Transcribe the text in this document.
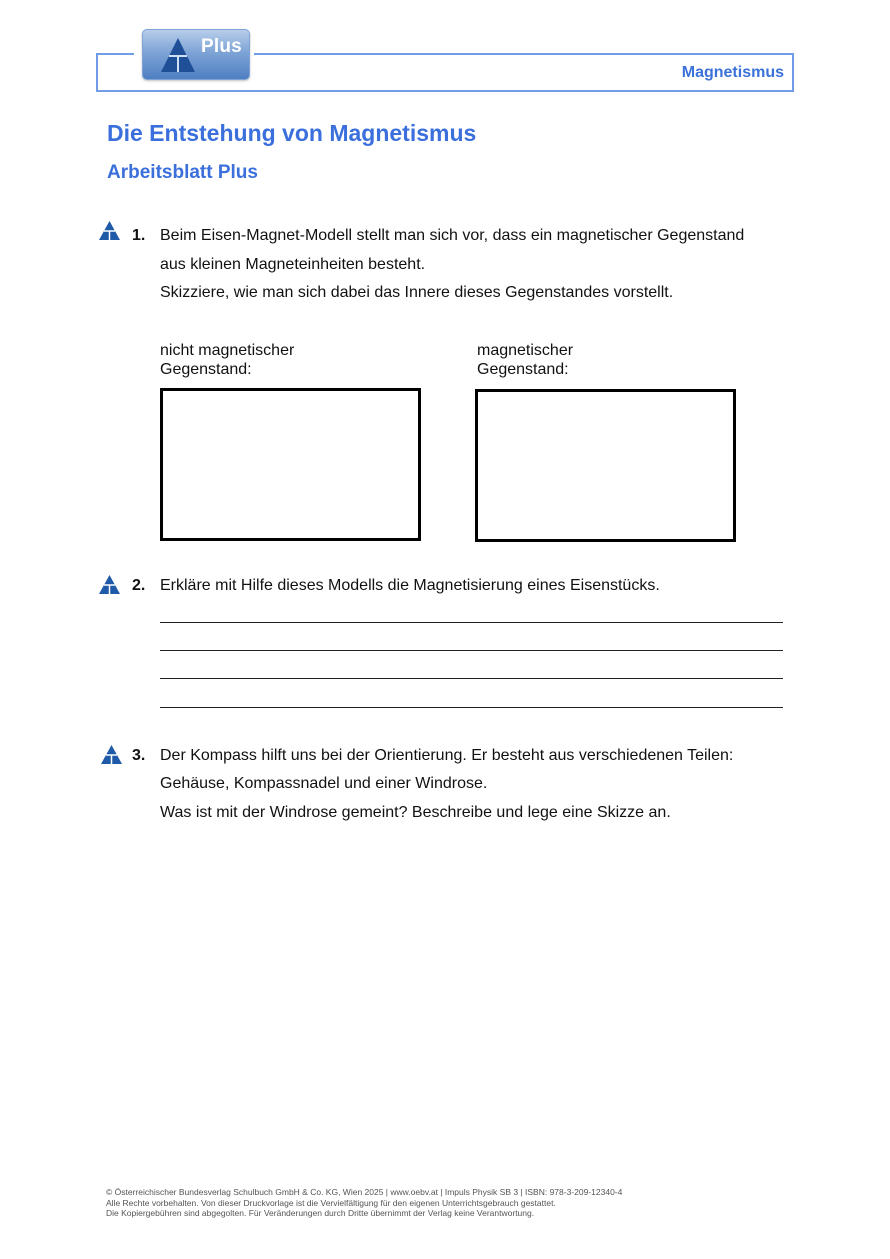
Plus
Magnetismus
Die Entstehung von Magnetismus
Arbeitsblatt Plus
1. Beim Eisen-Magnet-Modell stellt man sich vor, dass ein magnetischer Gegenstand
aus kleinen Magneteinheiten besteht.
Skizziere, wie man sich dabei das Innere dieses Gegenstandes vorstellt.
nicht magnetischer
Gegenstand:
magnetischer
Gegenstand:
2. Erkläre mit Hilfe dieses Modells die Magnetisierung eines Eisenstücks.
3. Der Kompass hilft uns bei der Orientierung. Er besteht aus verschiedenen Teilen:
Gehäuse, Kompassnadel und einer Windrose.
Was ist mit der Windrose gemeint? Beschreibe und lege eine Skizze an.
© Österreichischer Bundesverlag Schulbuch GmbH & Co. KG, Wien 2025 | www.oebv.at | Impuls Physik SB 3 | ISBN: 978-3-209-12340-4
Alle Rechte vorbehalten. Von dieser Druckvorlage ist die Vervielfältigung für den eigenen Unterrichtsgebrauch gestattet.
Die Kopiergebühren sind abgegolten. Für Veränderungen durch Dritte übernimmt der Verlag keine Verantwortung.
